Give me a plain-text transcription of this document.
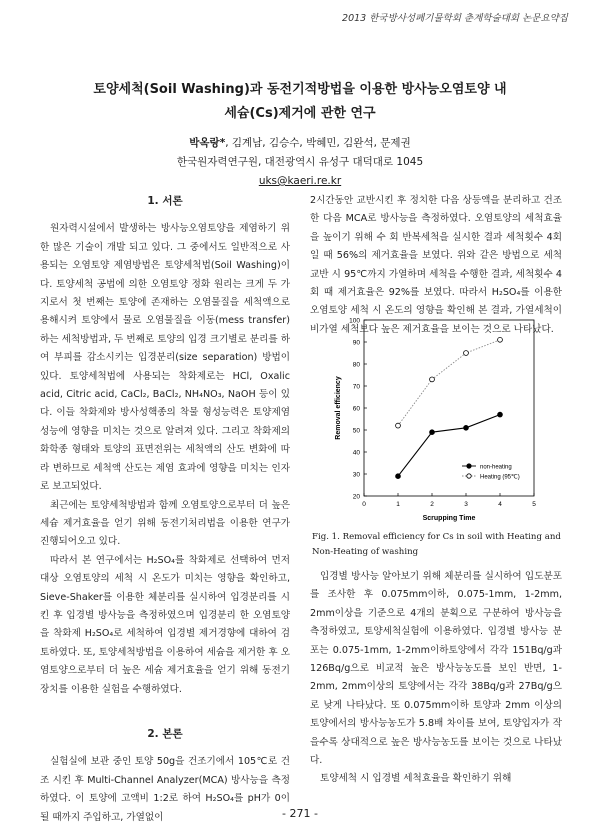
2013 한국방사성폐기물학회 춘계학술대회 논문요약집
토양세척(Soil Washing)과 동전기적방법을 이용한 방사능오염토양 내
세슘(Cs)제거에 관한 연구
박옥랑*, 김계남, 김승수, 박혜민, 김완석, 문제권
한국원자력연구원, 대전광역시 유성구 대덕대로 1045
uks@kaeri.re.kr
1. 서론

원자력시설에서 발생하는 방사능오염토양을 제염하기 위한 많은 기술이 개발 되고 있다. 그 중에서도 일반적으로 사용되는 오염토양 제염방법은 토양세척법(Soil Washing)이다. 토양세척 공법에 의한 오염토양 정화 원리는 크게 두 가지로서 첫 번째는 토양에 존재하는 오염물질을 세척액으로 용해시켜 토양에서 물로 오염물질을 이동(mess transfer)하는 세척방법과, 두 번째로 토양의 입경 크기별로 분리를 하여 부피를 감소시키는 입경분리(size separation) 방법이 있다. 토양세척법에 사용되는 착화제로는 HCl, Oxalic acid, Citric acid, CaCl₂, BaCl₂, NH₄NO₃, NaOH 등이 있다. 이들 착화제와 방사성핵종의 착물 형성능력은 토양제염 성능에 영향을 미치는 것으로 알려져 있다. 그리고 착화제의 화학종 형태와 토양의 표면전위는 세척액의 산도 변화에 따라 변하므로 세척액 산도는 제염 효과에 영향을 미치는 인자로 보고되었다.

최근에는 토양세척방법과 함께 오염토양으로부터 더 높은 세슘 제거효율을 얻기 위해 동전기처리법을 이용한 연구가 진행되어오고 있다.

따라서 본 연구에서는 H₂SO₄를 착화제로 선택하여 먼저 대상 오염토양의 세척 시 온도가 미치는 영향을 확인하고, Sieve-Shaker를 이용한 체분리를 실시하여 입경분리를 시킨 후 입경별 방사능을 측정하였으며 입경분리 한 오염토양을 착화제 H₂SO₄로 세척하여 입경별 제거경향에 대하여 검토하였다. 또, 토양세척방법을 이용하여 세슘을 제거한 후 오염토양으로부터 더 높은 세슘 제거효율을 얻기 위해 동전기장치를 이용한 실험을 수행하였다.

2. 본론

실험실에 보관 중인 토양 50g을 건조기에서 105℃로 건조 시킨 후 Multi-Channel Analyzer(MCA) 방사능을 측정하였다. 이 토양에 고액비 1:2로 하여 H₂SO₄를 pH가 0이 될 때까지 주입하고, 가열없이

2시간동안 교반시킨 후 정치한 다음 상등액을 분리하고 건조한 다음 MCA로 방사능을 측정하였다. 오염토양의 세척효율을 높이기 위해 수 회 반복세척을 실시한 결과 세척횟수 4회 일 때 56%의 제거효율을 보였다. 위와 같은 방법으로 세척 교반 시 95℃까지 가열하며 세척을 수행한 결과, 세척횟수 4회 때 제거효율은 92%를 보였다. 따라서 H₂SO₄를 이용한 오염토양 세척 시 온도의 영향을 확인해 본 결과, 가열세척이 비가열 세척보다 높은 제거효율을 보이는 것으로 나타났다.

0	1	2	3	4	5
20
30
40
50
60
70
80
90
100
Scrupping Time
Removal efficiency
non-heating
Heating (95℃)
Fig. 1. Removal efficiency for Cs in soil with Heating and Non-Heating of washing

입경별 방사능 알아보기 위해 체분리를 실시하여 입도분포를 조사한 후 0.075mm이하, 0.075-1mm, 1-2mm, 2mm이상을 기준으로 4개의 분획으로 구분하여 방사능을 측정하였고, 토양세척실험에 이용하였다. 입경별 방사능 분포는 0.075-1mm, 1-2mm이하토양에서 각각 151Bq/g과 126Bq/g으로 비교적 높은 방사능농도를 보인 반면, 1-2mm, 2mm이상의 토양에서는 각각 38Bq/g과 27Bq/g으로 낮게 나타났다. 또 0.075mm이하 토양과 2mm 이상의 토양에서의 방사능농도가 5.8배 차이를 보여, 토양입자가 작을수록 상대적으로 높은 방사능농도를 보이는 것으로 나타났다.

토양세척 시 입경별 세척효율을 확인하기 위해

- 271 -
